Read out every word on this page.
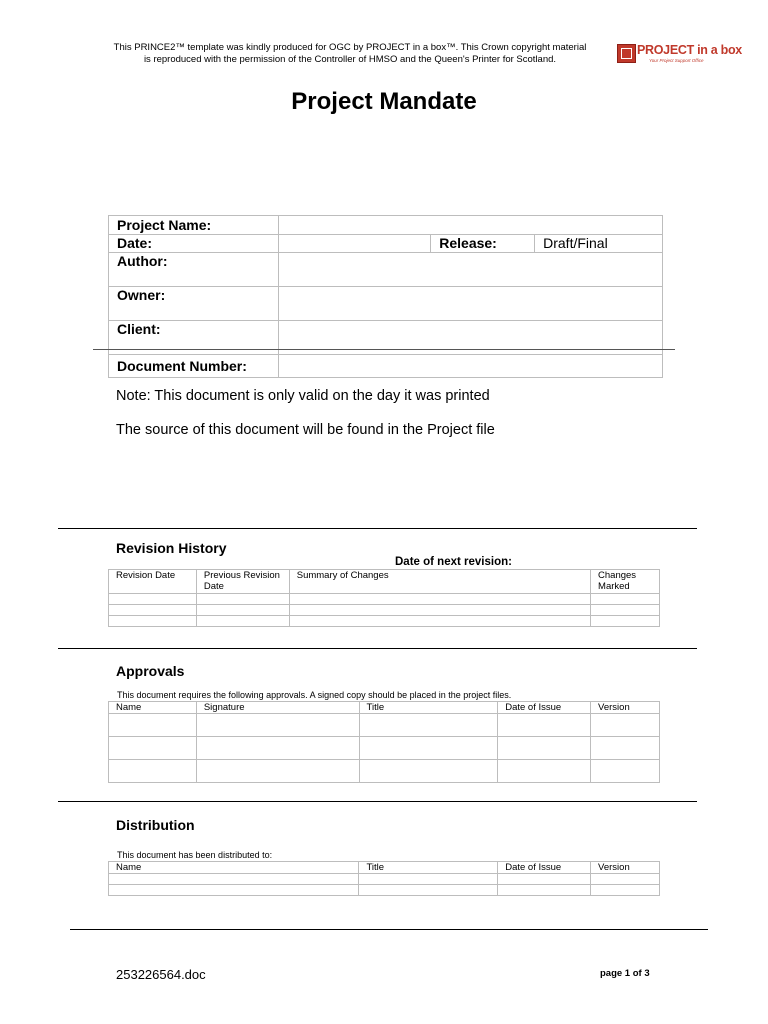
This PRINCE2™ template was kindly produced for OGC by PROJECT in a box™. This Crown copyright material
is reproduced with the permission of the Controller of HMSO and the Queen's Printer for Scotland.
PROJECT in a box
Your Project Support Office
Project Mandate
Project Name:			
Date:		Release:	Draft/Final
Author:			
Owner:			
Client:			
Document Number:			
Note: This document is only valid on the day it was printed
The source of this document will be found in the Project file
Revision History
Date of next revision:
Revision Date	Previous Revision Date	Summary of Changes	Changes Marked

Approvals
This document requires the following approvals. A signed copy should be placed in the project files.
Name	Signature	Title	Date of Issue	Version

Distribution
This document has been distributed to:
Name	Title	Date of Issue	Version

253226564.doc	page 1 of 3
